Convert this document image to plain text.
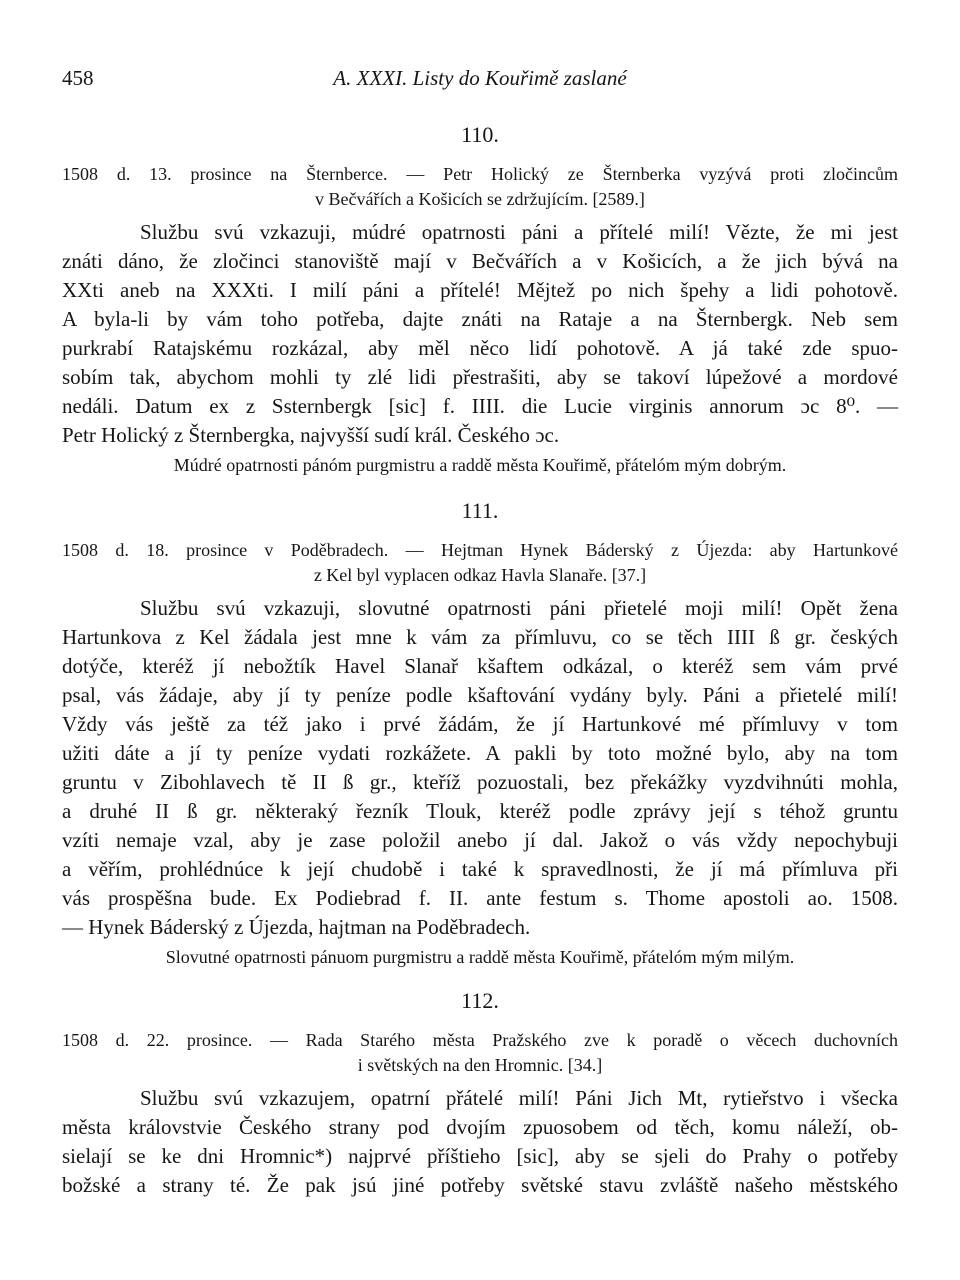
458	A. XXXI. Listy do Kouřimě zaslané
110.
1508 d. 13. prosince na Šternberce. — Petr Holický ze Šternberka vyzývá proti zločincům
v Bečvářích a Košicích se zdržujícím. [2589.]
Službu svú vzkazuji, múdré opatrnosti páni a přítelé milí! Vězte, že mi jest
znáti dáno, že zločinci stanoviště mají v Bečvářích a v Košicích, a že jich bývá na
XXti aneb na XXXti. I milí páni a přítelé! Mějtež po nich špehy a lidi pohotově.
A byla-li by vám toho potřeba, dajte znáti na Rataje a na Šternbergk. Neb sem
purkrabí Ratajskému rozkázal, aby měl něco lidí pohotově. A já také zde spuo-
sobím tak, abychom mohli ty zlé lidi přestrašiti, aby se takoví lúpežové a mordové
nedáli. Datum ex z Ssternbergk [sic] f. IIII. die Lucie virginis annorum ɔc 8⁰. —
Petr Holický z Šternbergka, najvyšší sudí král. Českého ɔc.
Múdré opatrnosti pánóm purgmistru a raddě města Kouřimě, přátelóm mým dobrým.
111.
1508 d. 18. prosince v Poděbradech. — Hejtman Hynek Báderský z Újezda: aby Hartunkové
z Kel byl vyplacen odkaz Havla Slanaře. [37.]
Službu svú vzkazuji, slovutné opatrnosti páni přietelé moji milí! Opět žena
Hartunkova z Kel žádala jest mne k vám za přímluvu, co se těch IIII ß gr. českých
dotýče, kteréž jí nebožtík Havel Slanař kšaftem odkázal, o kteréž sem vám prvé
psal, vás žádaje, aby jí ty peníze podle kšaftování vydány byly. Páni a přietelé milí!
Vždy vás ještě za též jako i prvé žádám, že jí Hartunkové mé přímluvy v tom
užiti dáte a jí ty peníze vydati rozkážete. A pakli by toto možné bylo, aby na tom
gruntu v Zibohlavech tě II ß gr., kteříž pozuostali, bez překážky vyzdvihnúti mohla,
a druhé II ß gr. některaký řezník Tlouk, kteréž podle zprávy její s téhož gruntu
vzíti nemaje vzal, aby je zase položil anebo jí dal. Jakož o vás vždy nepochybuji
a věřím, prohlédnúce k její chudobě i také k spravedlnosti, že jí má přímluva při
vás prospěšna bude. Ex Podiebrad f. II. ante festum s. Thome apostoli ao. 1508.
— Hynek Báderský z Újezda, hajtman na Poděbradech.
Slovutné opatrnosti pánuom purgmistru a raddě města Kouřimě, přátelóm mým milým.
112.
1508 d. 22. prosince. — Rada Starého města Pražského zve k poradě o věcech duchovních
i světských na den Hromnic. [34.]
Službu svú vzkazujem, opatrní přátelé milí! Páni Jich Mt, rytieřstvo i všecka
města královstvie Českého strany pod dvojím zpuosobem od těch, komu náleží, ob-
sielají se ke dni Hromnic*) najprvé příštieho [sic], aby se sjeli do Prahy o potřeby
božské a strany té. Že pak jsú jiné potřeby světské stavu zvláště našeho městského
